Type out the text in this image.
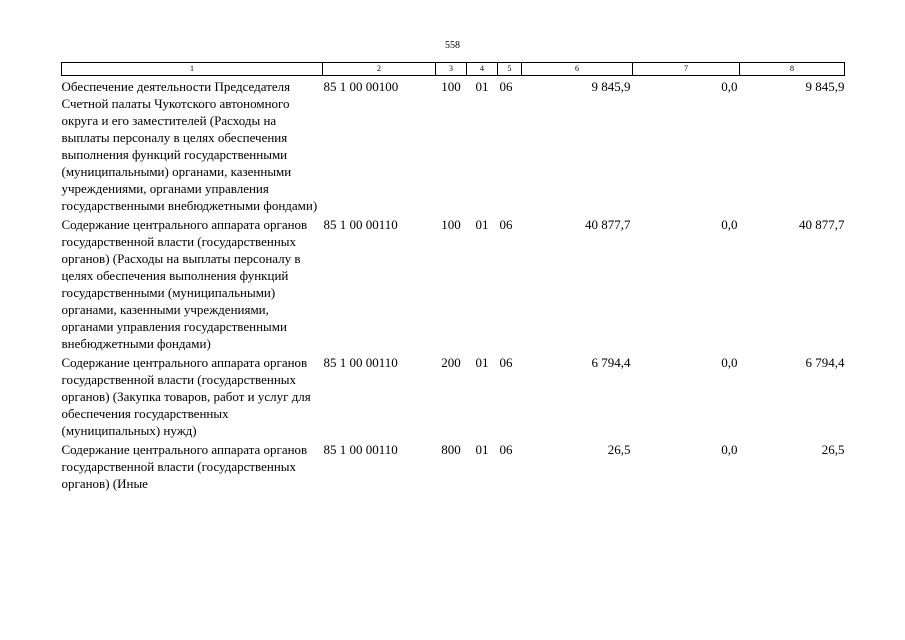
558
1	2	3	4	5	6	7	8
Обеспечение деятельности Председателя Счетной палаты Чукотского автономного округа и его заместителей (Расходы на выплаты персоналу в целях обеспечения выполнения функций государственными (муниципальными) органами, казенными учреждениями, органами управления государственными внебюджетными фондами)	85 1 00 00100	100	01	06	9 845,9	0,0	9 845,9
Содержание центрального аппарата органов государственной власти (государственных органов) (Расходы на выплаты персоналу в целях обеспечения выполнения функций государственными (муниципальными) органами, казенными учреждениями, органами управления государственными внебюджетными фондами)	85 1 00 00110	100	01	06	40 877,7	0,0	40 877,7
Содержание центрального аппарата органов государственной власти (государственных органов) (Закупка товаров, работ и услуг для обеспечения государственных (муниципальных) нужд)	85 1 00 00110	200	01	06	6 794,4	0,0	6 794,4
Содержание центрального аппарата органов государственной власти (государственных органов) (Иные	85 1 00 00110	800	01	06	26,5	0,0	26,5
